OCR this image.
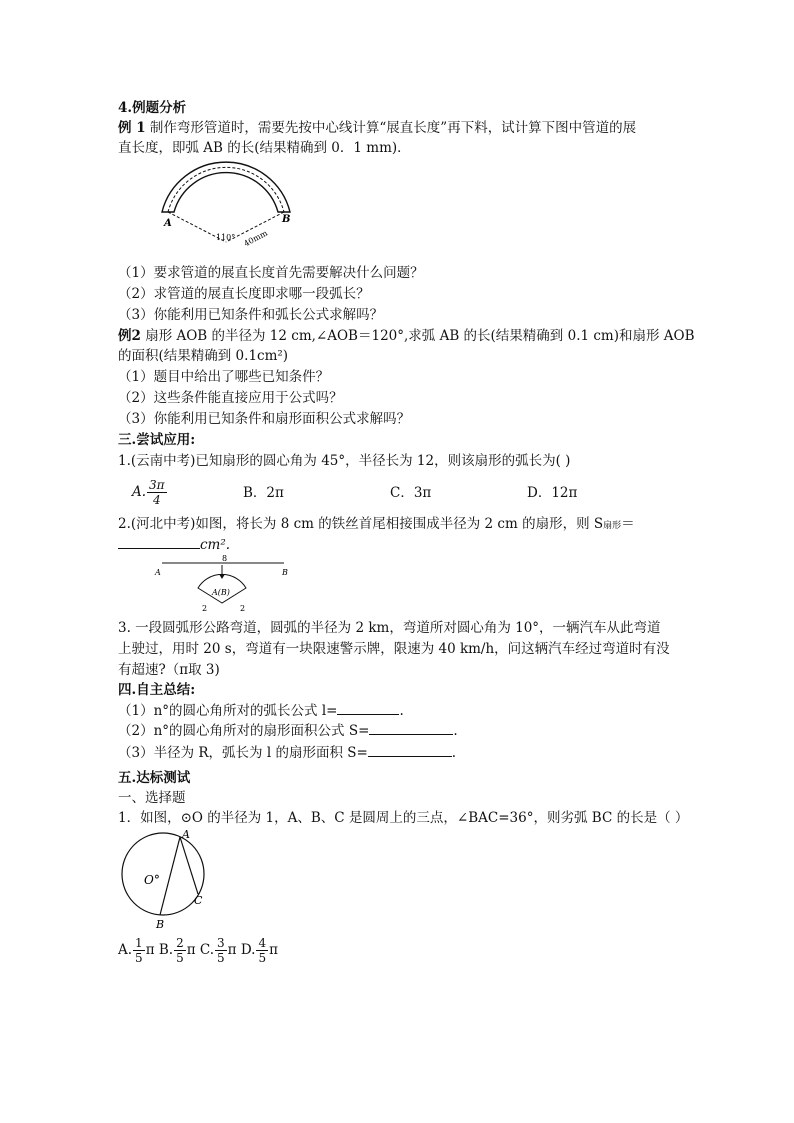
4.例题分析
例 1 制作弯形管道时，需要先按中心线计算“展直长度”再下料，试计算下图中管道的展
直长度，即弧 AB 的长(结果精确到 0．1 mm)．
A	B
110° 40mm
（1）要求管道的展直长度首先需要解决什么问题？
（2）求管道的展直长度即求哪一段弧长？
（3）你能利用已知条件和弧长公式求解吗？
例2 扇形 AOB 的半径为 12 cm,∠AOB＝120°,求弧 AB 的长(结果精确到 0.1 cm)和扇形 AOB
的面积(结果精确到 0.1cm²)
（1）题目中给出了哪些已知条件？
（2）这些条件能直接应用于公式吗？
（3）你能利用已知条件和扇形面积公式求解吗？
三.尝试应用:
1.(云南中考)已知扇形的圆心角为 45°，半径长为 12，则该扇形的弧长为( )
A. $\frac{3\pi}{4}$	B．2π	C．3π	D．12π
2.(河北中考)如图，将长为 8 cm 的铁丝首尾相接围成半径为 2 cm 的扇形，则 S扇形＝
cm².
8
A	B
A(B)
2	2
3. 一段圆弧形公路弯道，圆弧的半径为 2 km，弯道所对圆心角为 10°，一辆汽车从此弯道
上驶过，用时 20 s，弯道有一块限速警示牌，限速为 40 km/h，问这辆汽车经过弯道时有没
有超速?（π取 3)
四.自主总结:
（1）n°的圆心角所对的弧长公式 l=	.
（2）n°的圆心角所对的扇形面积公式 S=	.
（3）半径为 R，弧长为 l 的扇形面积 S=	.
五.达标测试
一、选择题
1．如图，⊙O 的半径为 1，A、B、C 是圆周上的三点，∠BAC=36°，则劣弧 BC 的长是（ ）
A
O°
C
B
A. $\frac{1}{5}$ π B. $\frac{2}{5}$ π C. $\frac{3}{5}$ π D. $\frac{4}{5}$ π
